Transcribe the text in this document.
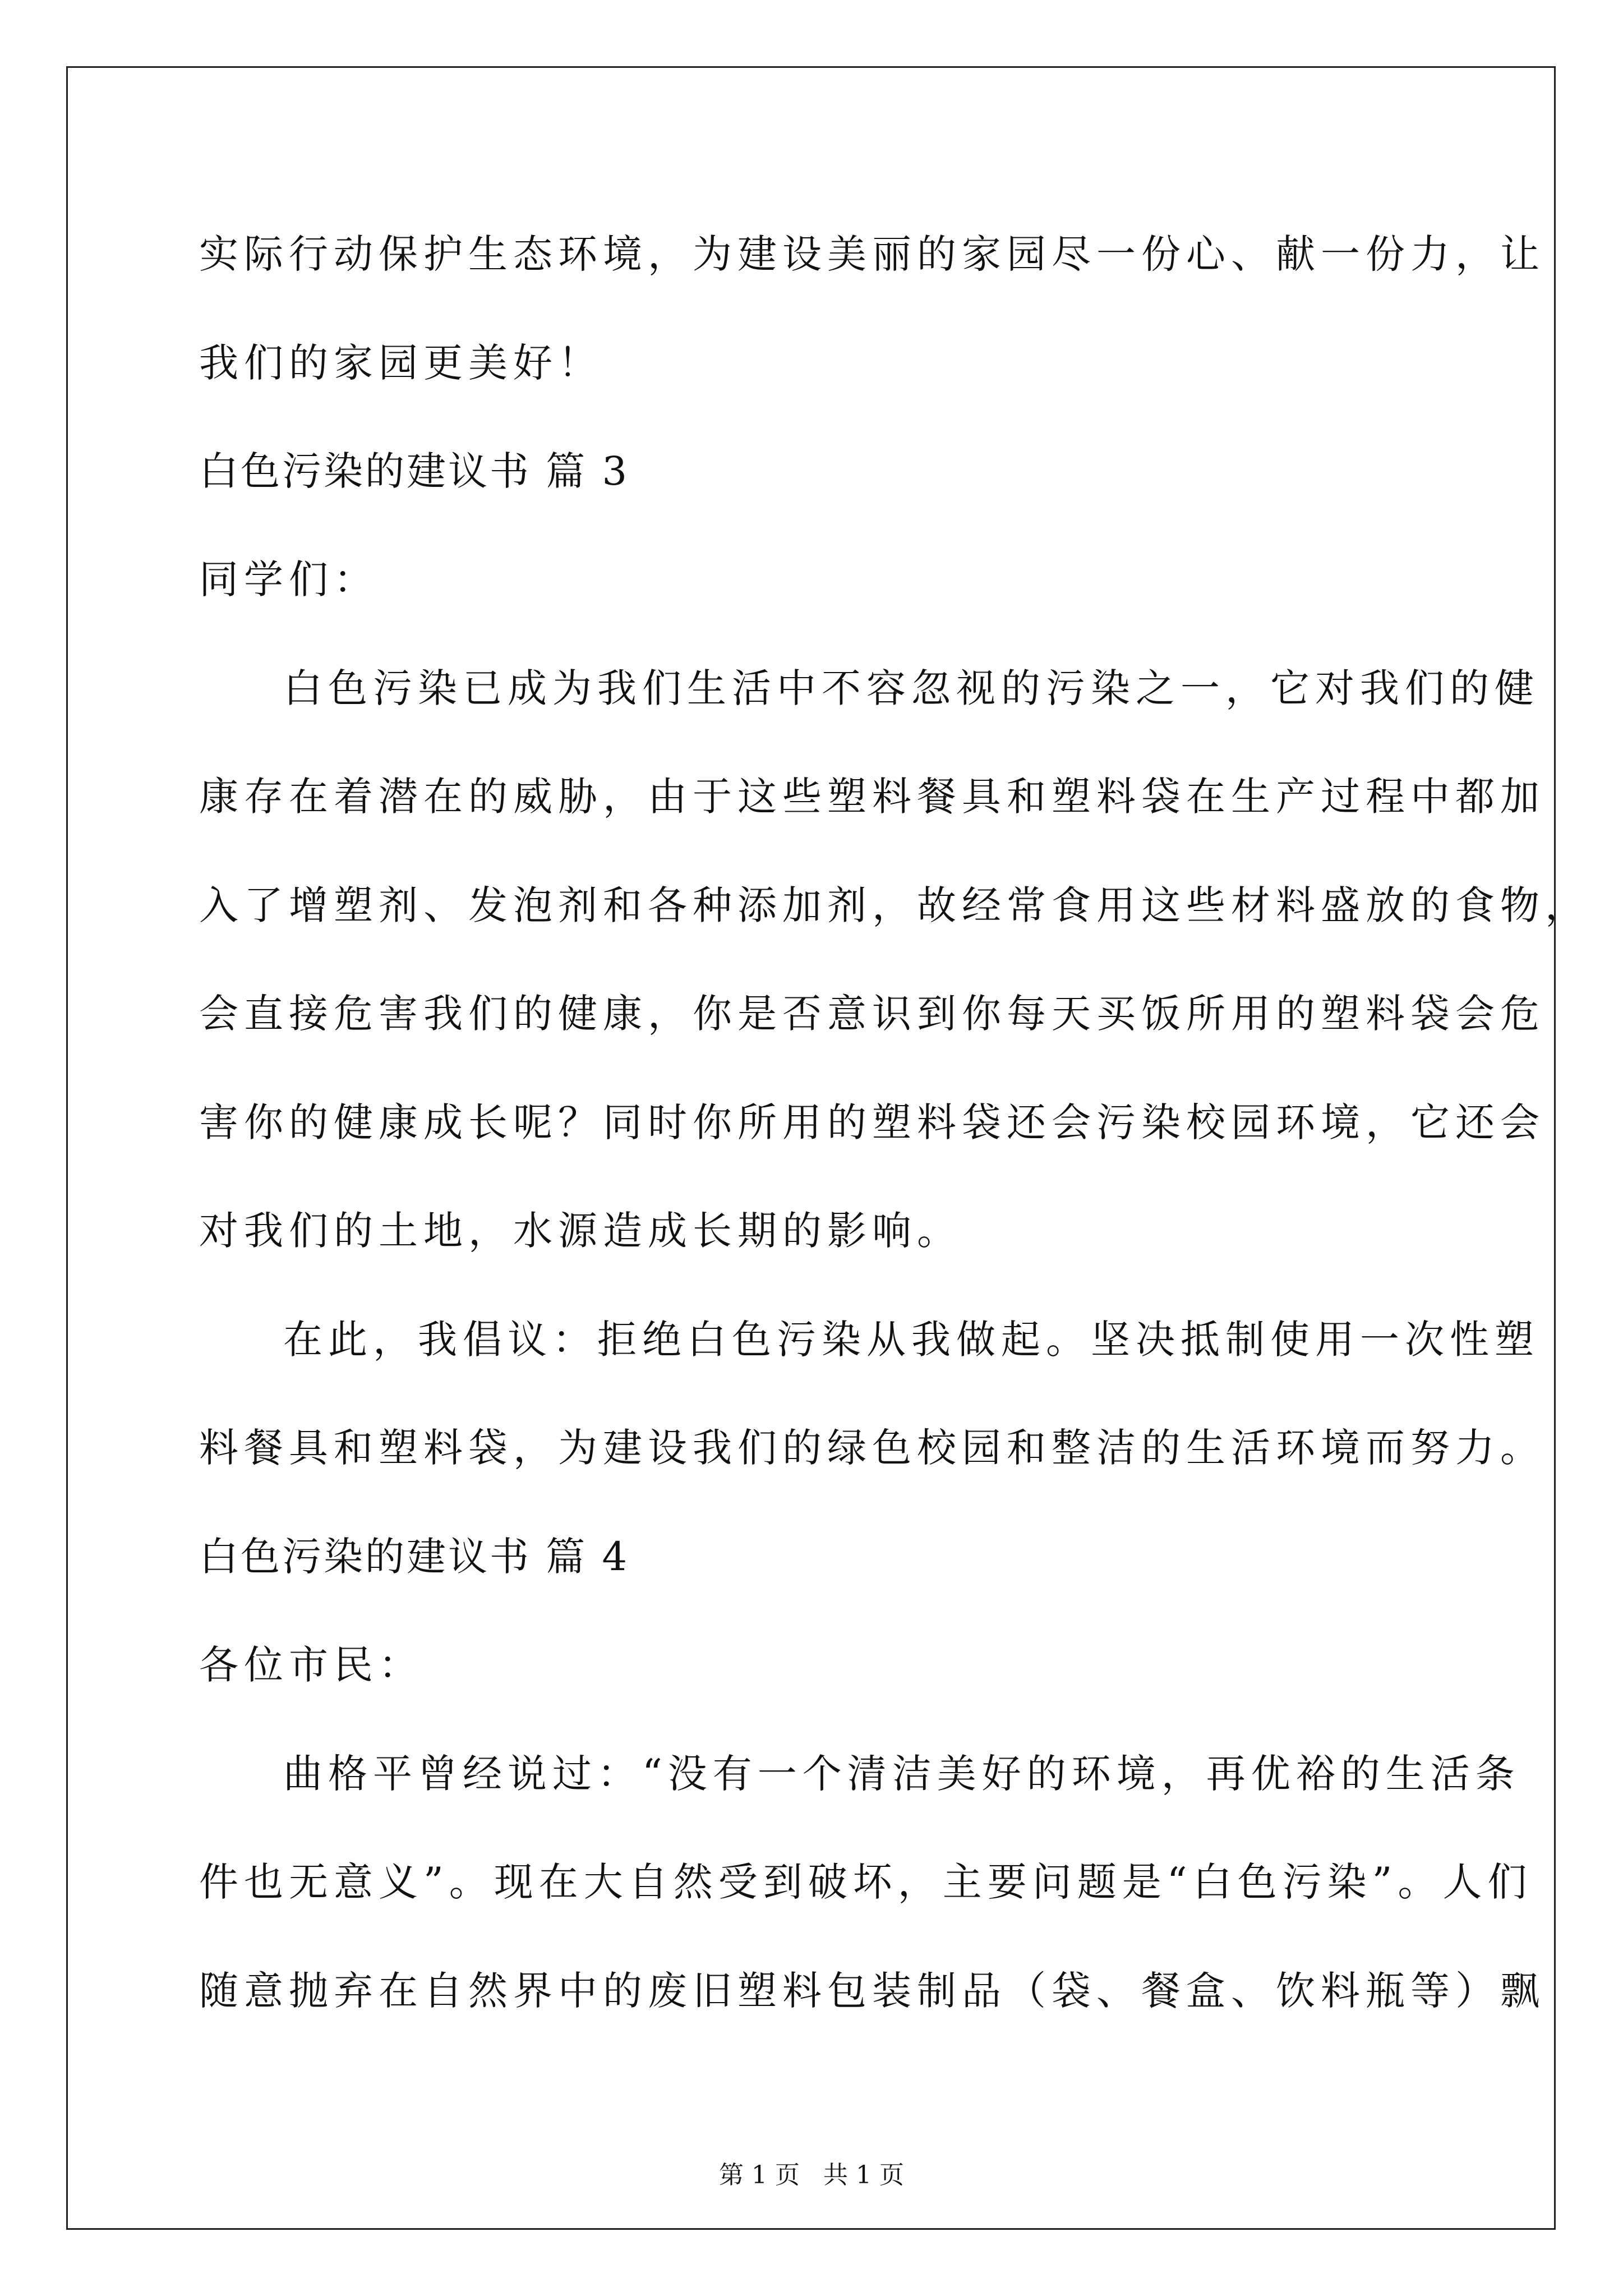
实际行动保护生态环境，为建设美丽的家园尽一份心、献一份力，让
我们的家园更美好！
白色污染的建议书 篇 3
同学们：
白色污染已成为我们生活中不容忽视的污染之一，它对我们的健
康存在着潜在的威胁，由于这些塑料餐具和塑料袋在生产过程中都加
入了增塑剂、发泡剂和各种添加剂，故经常食用这些材料盛放的食物，
会直接危害我们的健康，你是否意识到你每天买饭所用的塑料袋会危
害你的健康成长呢？同时你所用的塑料袋还会污染校园环境，它还会
对我们的土地，水源造成长期的影响。
在此，我倡议：拒绝白色污染从我做起。坚决抵制使用一次性塑
料餐具和塑料袋，为建设我们的绿色校园和整洁的生活环境而努力。
白色污染的建议书 篇 4
各位市民：
曲格平曾经说过：“没有一个清洁美好的环境，再优裕的生活条
件也无意义”。现在大自然受到破坏，主要问题是“白色污染”。人们
随意抛弃在自然界中的废旧塑料包装制品（袋、餐盒、饮料瓶等）飘
第 1 页 共 1 页
